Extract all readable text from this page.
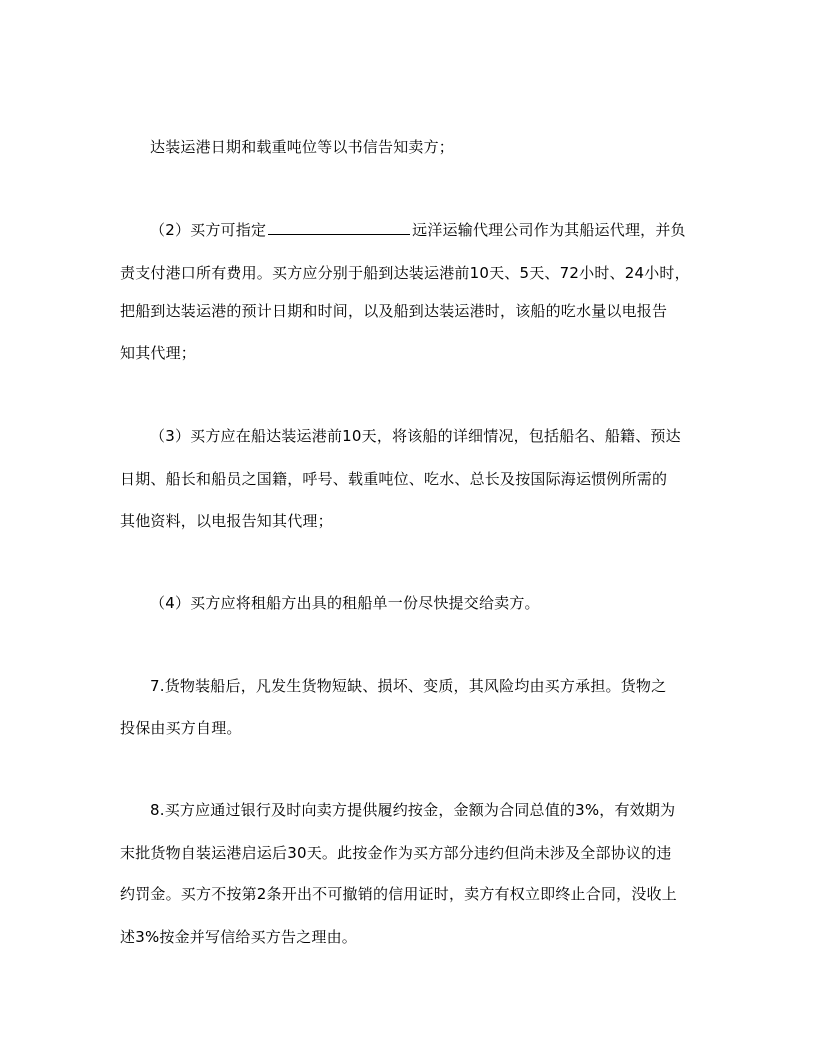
达装运港日期和载重吨位等以书信告知卖方；
（2）买方可指定	远洋运输代理公司作为其船运代理，并负
责支付港口所有费用。买方应分别于船到达装运港前10天、5天、72小时、24小时，
把船到达装运港的预计日期和时间，以及船到达装运港时，该船的吃水量以电报告
知其代理；
（3）买方应在船达装运港前10天，将该船的详细情况，包括船名、船籍、预达
日期、船长和船员之国籍，呼号、载重吨位、吃水、总长及按国际海运惯例所需的
其他资料，以电报告知其代理；
（4）买方应将租船方出具的租船单一份尽快提交给卖方。
7.货物装船后，凡发生货物短缺、损坏、变质，其风险均由买方承担。货物之
投保由买方自理。
8.买方应通过银行及时向卖方提供履约按金，金额为合同总值的3%，有效期为
末批货物自装运港启运后30天。此按金作为买方部分违约但尚未涉及全部协议的违
约罚金。买方不按第2条开出不可撤销的信用证时，卖方有权立即终止合同，没收上
述3%按金并写信给买方告之理由。
